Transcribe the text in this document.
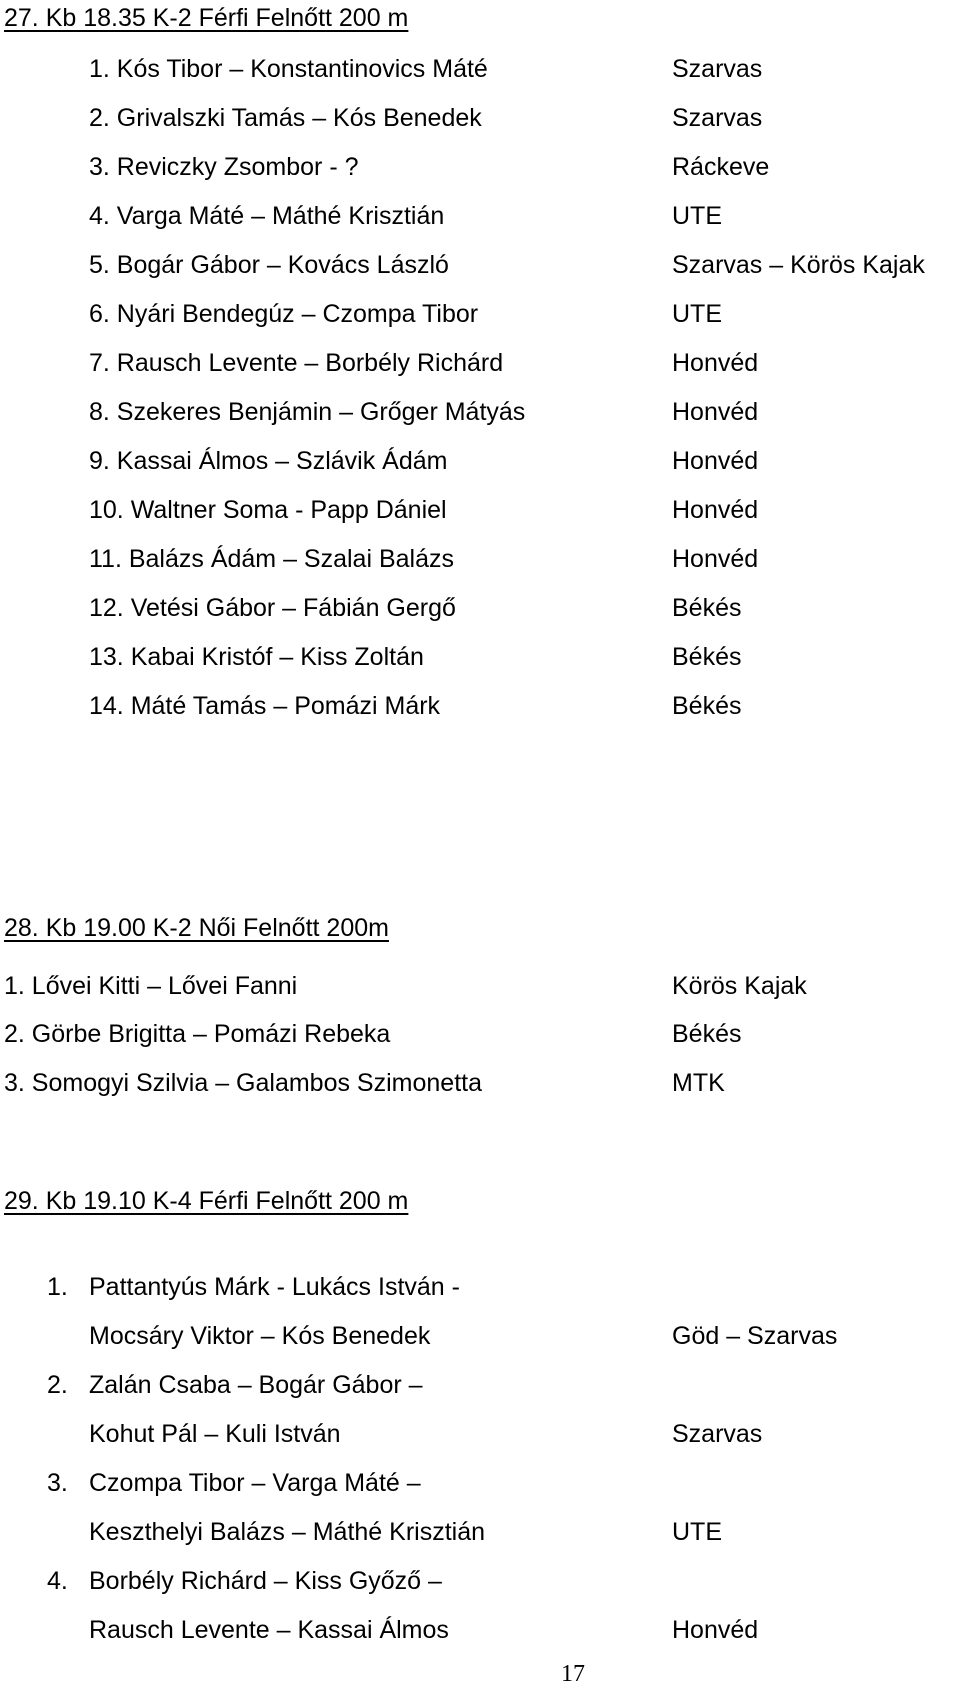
27. Kb 18.35 K-2 Férfi Felnőtt 200 m
1. Kós Tibor – Konstantinovics Máté	Szarvas
2. Grivalszki Tamás – Kós Benedek	Szarvas
3. Reviczky Zsombor - ?	Ráckeve
4. Varga Máté – Máthé Krisztián	UTE
5. Bogár Gábor – Kovács László	Szarvas – Körös Kajak
6. Nyári Bendegúz – Czompa Tibor	UTE
7. Rausch Levente – Borbély Richárd	Honvéd
8. Szekeres Benjámin – Grőger Mátyás	Honvéd
9. Kassai Álmos – Szlávik Ádám	Honvéd
10. Waltner Soma - Papp Dániel	Honvéd
11. Balázs Ádám – Szalai Balázs	Honvéd
12. Vetési Gábor – Fábián Gergő	Békés
13. Kabai Kristóf – Kiss Zoltán	Békés
14. Máté Tamás – Pomázi Márk	Békés
28. Kb 19.00 K-2 Női Felnőtt 200m
1. Lővei Kitti – Lővei Fanni	Körös Kajak
2. Görbe Brigitta – Pomázi Rebeka	Békés
3. Somogyi Szilvia – Galambos Szimonetta	MTK
29. Kb 19.10 K-4 Férfi Felnőtt 200 m
1. Pattantyús Márk - Lukács István -
Mocsáry Viktor – Kós Benedek	Göd – Szarvas
2. Zalán Csaba – Bogár Gábor –
Kohut Pál – Kuli István	Szarvas
3. Czompa Tibor – Varga Máté –
Keszthelyi Balázs – Máthé Krisztián	UTE
4. Borbély Richárd – Kiss Győző –
Rausch Levente – Kassai Álmos	Honvéd
17
